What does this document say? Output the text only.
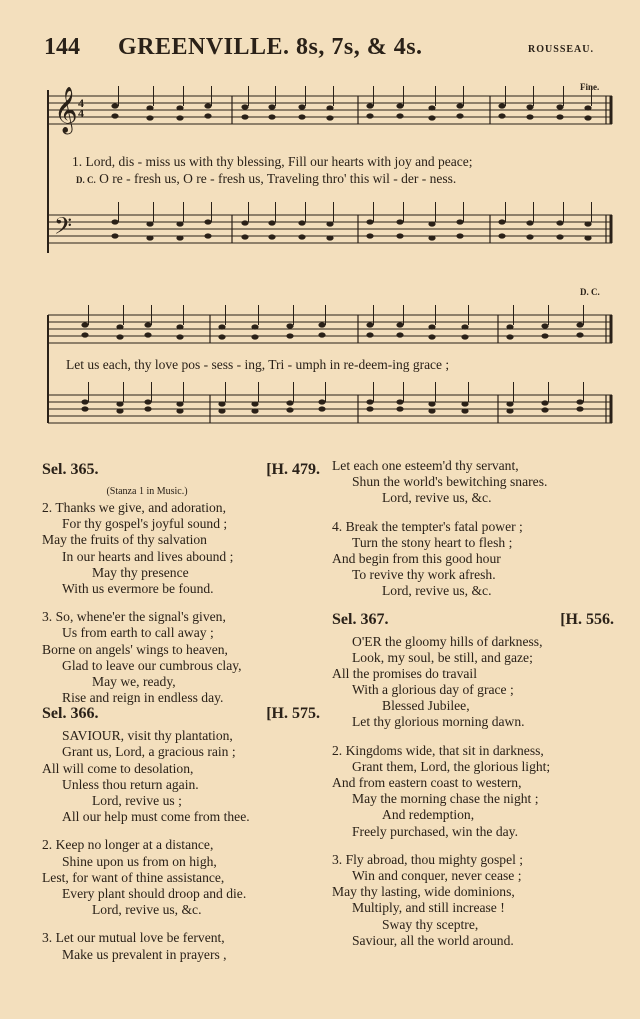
144 GREENVILLE. 8s, 7s, & 4s.	ROUSSEAU.
𝄞
𝄢
4
4
Fine.
1. Lord, dis - miss us with thy blessing, Fill our hearts with joy and peace;
D. C. O re - fresh us, O re - fresh us, Traveling thro' this wil - der - ness.
D. C.
Let us each, thy love pos - sess - ing, Tri - umph in re-deem-ing grace ;
Sel. 365.	[H. 479.
(Stanza 1 in Music.)
2. Thanks we give, and adoration,
For thy gospel's joyful sound ;
May the fruits of thy salvation
In our hearts and lives abound ;
May thy presence
With us evermore be found.
3. So, whene'er the signal's given,
Us from earth to call away ;
Borne on angels' wings to heaven,
Glad to leave our cumbrous clay,
May we, ready,
Rise and reign in endless day.
Sel. 366.	[H. 575.
SAVIOUR, visit thy plantation,
Grant us, Lord, a gracious rain ;
All will come to desolation,
Unless thou return again.
Lord, revive us ;
All our help must come from thee.
2. Keep no longer at a distance,
Shine upon us from on high,
Lest, for want of thine assistance,
Every plant should droop and die.
Lord, revive us, &c.
3. Let our mutual love be fervent,
Make us prevalent in prayers ,
Let each one esteem'd thy servant,
Shun the world's bewitching snares.
Lord, revive us, &c.
4. Break the tempter's fatal power ;
Turn the stony heart to flesh ;
And begin from this good hour
To revive thy work afresh.
Lord, revive us, &c.
Sel. 367.	[H. 556.
O'ER the gloomy hills of darkness,
Look, my soul, be still, and gaze;
All the promises do travail
With a glorious day of grace ;
Blessed Jubilee,
Let thy glorious morning dawn.
2. Kingdoms wide, that sit in darkness,
Grant them, Lord, the glorious light;
And from eastern coast to western,
May the morning chase the night ;
And redemption,
Freely purchased, win the day.
3. Fly abroad, thou mighty gospel ;
Win and conquer, never cease ;
May thy lasting, wide dominions,
Multiply, and still increase !
Sway thy sceptre,
Saviour, all the world around.
